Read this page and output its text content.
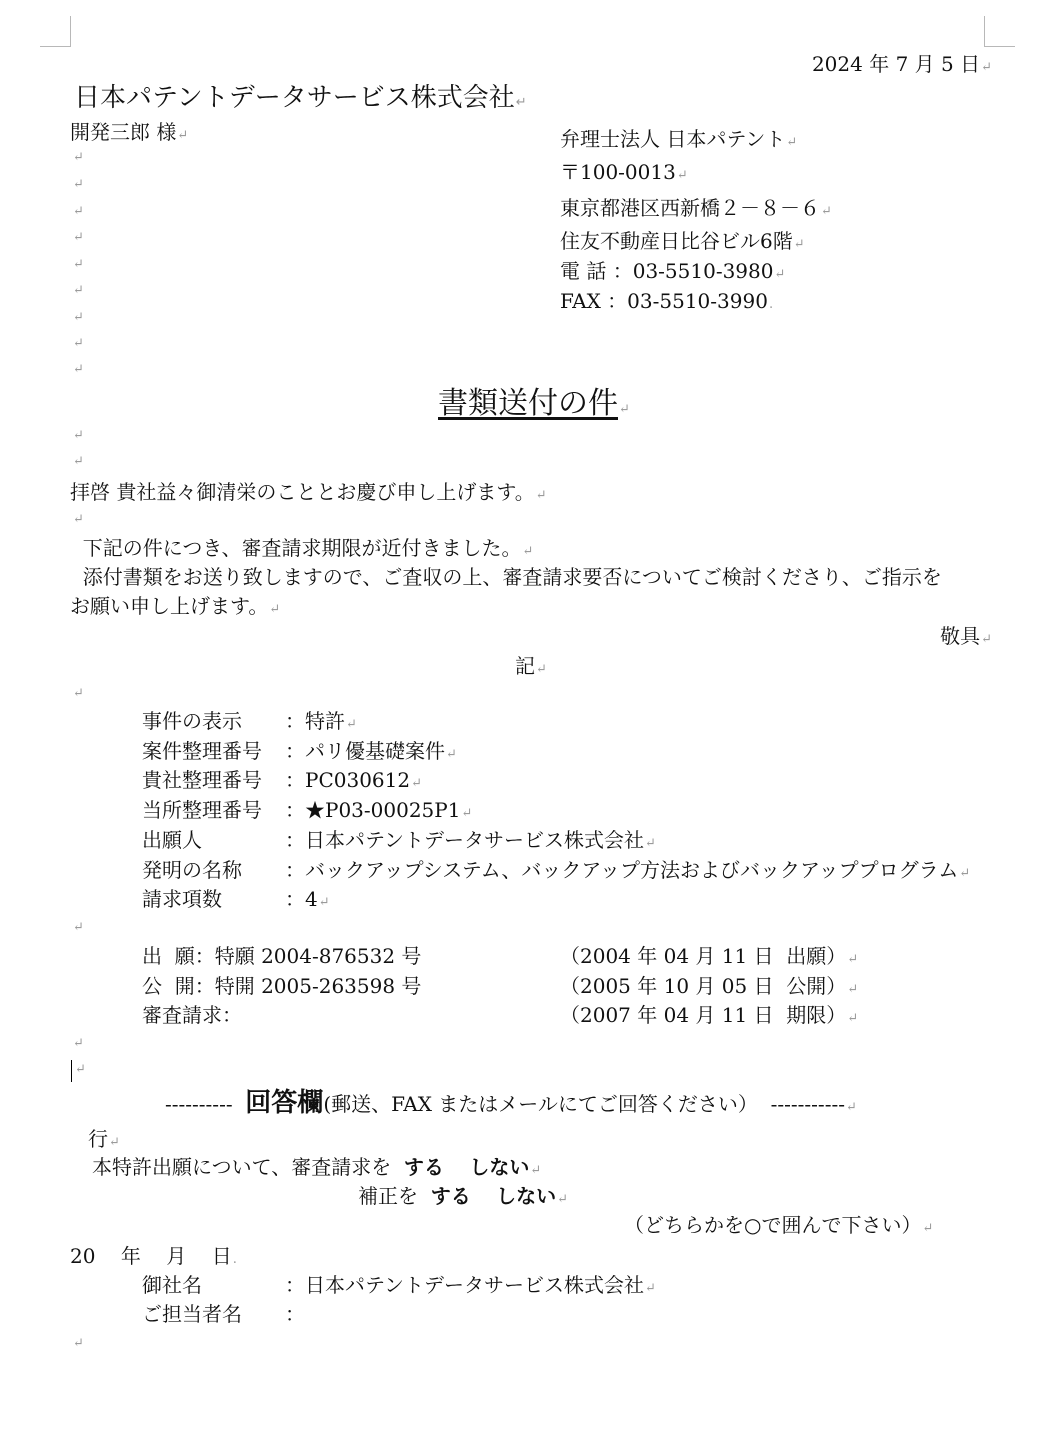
2024 年 7 月 5 日↵
日本パテントデータサービス株式会社↵
開発三郎 様↵	弁理士法人 日本パテント↵
〒100-0013↵
東京都港区西新橋２－８－６↵
住友不動産日比谷ビル6階↵
電 話 ：03-5510-3980↵
FAX ：03-5510-3990.
↵
↵
↵
↵
↵
↵
↵
↵
↵
書類送付の件↵
↵
↵
拝啓 貴社益々御清栄のこととお慶び申し上げます。↵
↵
下記の件につき、審査請求期限が近付きました。↵
添付書類をお送り致しますので、ご査収の上、審査請求要否についてご検討くださり、ご指示を
お願い申し上げます。↵
敬具↵
記↵
↵
事件の表示 ：特許↵
案件整理番号 ：パリ優基礎案件↵
貴社整理番号 ：PC030612↵
当所整理番号 ：★P03-00025P1↵
出願人	：日本パテントデータサービス株式会社↵
発明の名称 ：バックアップシステム、バックアップ方法およびバックアッププログラム↵
請求項数	：4↵
↵
出  願：特願 2004-876532 号	（2004 年 04 月 11 日  出願）↵
公  開：特開 2005-263598 号	（2005 年 10 月 05 日  公開）↵
審査請求：	（2007 年 04 月 11 日  期限）↵
↵
↵
---------- 回答欄(郵送、FAX またはメールにてご回答ください） -----------↵
行↵
本特許出願について、審査請求を する しない↵
補正を する しない↵
（どちらかを○で囲んで下さい）↵
20    年    月    日.
御社名	：日本パテントデータサービス株式会社↵
ご担当者名 ：
↵
